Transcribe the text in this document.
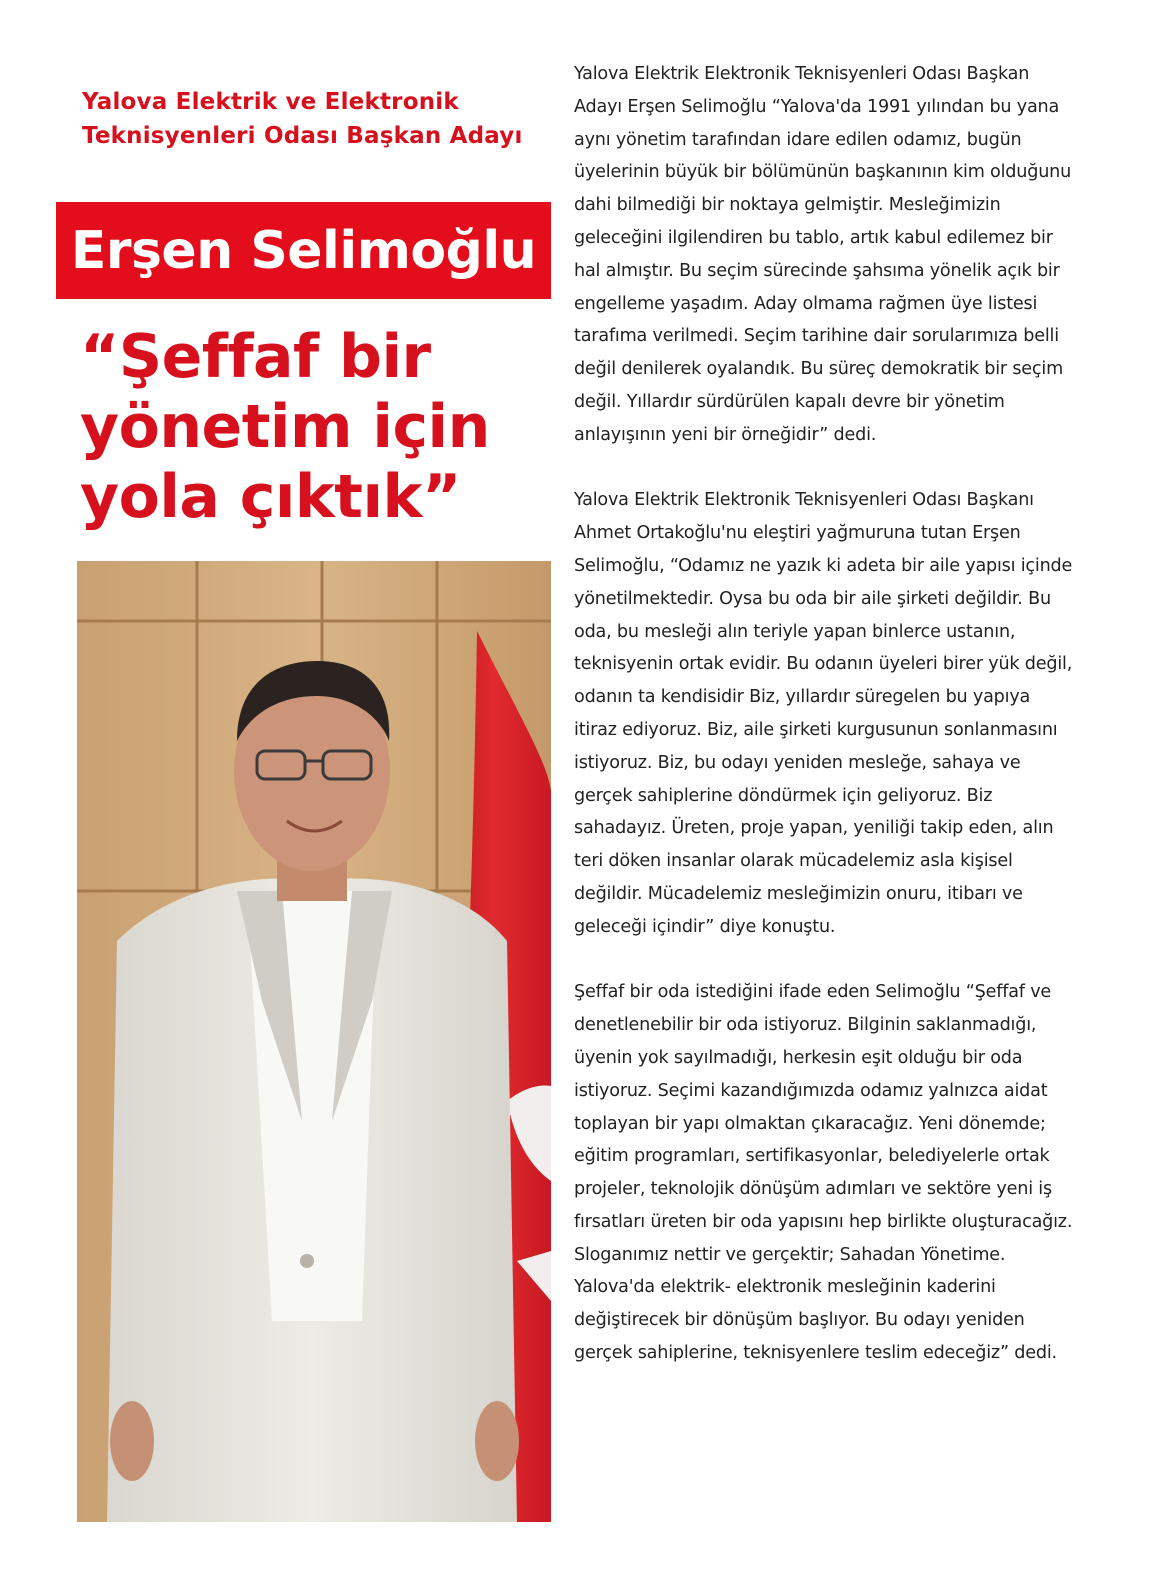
Yalova Elektrik ve Elektronik Teknisyenleri Odası Başkan Adayı
Erşen Selimoğlu
“Şeffaf bir yönetim için yola çıktık”

Yalova Elektrik Elektronik Teknisyenleri Odası Başkan Adayı Erşen Selimoğlu “Yalova'da 1991 yılından bu yana aynı yönetim tarafından idare edilen odamız, bugün üyelerinin büyük bir bölümünün başkanının kim olduğunu dahi bilmediği bir noktaya gelmiştir. Mesleğimizin geleceğini ilgilendiren bu tablo, artık kabul edilemez bir hal almıştır. Bu seçim sürecinde şahsıma yönelik açık bir engelleme yaşadım. Aday olmama rağmen üye listesi tarafıma verilmedi. Seçim tarihine dair sorularımıza belli değil denilerek oyalandık. Bu süreç demokratik bir seçim değil. Yıllardır sürdürülen kapalı devre bir yönetim anlayışının yeni bir örneğidir” dedi.

Yalova Elektrik Elektronik Teknisyenleri Odası Başkanı Ahmet Ortakoğlu'nu eleştiri yağmuruna tutan Erşen Selimoğlu, “Odamız ne yazık ki adeta bir aile yapısı içinde yönetilmektedir. Oysa bu oda bir aile şirketi değildir. Bu oda, bu mesleği alın teriyle yapan binlerce ustanın, teknisyenin ortak evidir. Bu odanın üyeleri birer yük değil, odanın ta kendisidir Biz, yıllardır süregelen bu yapıya itiraz ediyoruz. Biz, aile şirketi kurgusunun sonlanmasını istiyoruz. Biz, bu odayı yeniden mesleğe, sahaya ve gerçek sahiplerine döndürmek için geliyoruz. Biz sahadayız. Üreten, proje yapan, yeniliği takip eden, alın teri döken insanlar olarak mücadelemiz asla kişisel değildir. Mücadelemiz mesleğimizin onuru, itibarı ve geleceği içindir” diye konuştu.

Şeffaf bir oda istediğini ifade eden Selimoğlu “Şeffaf ve denetlenebilir bir oda istiyoruz. Bilginin saklanmadığı, üyenin yok sayılmadığı, herkesin eşit olduğu bir oda istiyoruz. Seçimi kazandığımızda odamız yalnızca aidat toplayan bir yapı olmaktan çıkaracağız. Yeni dönemde; eğitim programları, sertifikasyonlar, belediyelerle ortak projeler, teknolojik dönüşüm adımları ve sektöre yeni iş fırsatları üreten bir oda yapısını hep birlikte oluşturacağız. Sloganımız nettir ve gerçektir; Sahadan Yönetime. Yalova'da elektrik- elektronik mesleğinin kaderini değiştirecek bir dönüşüm başlıyor. Bu odayı yeniden gerçek sahiplerine, teknisyenlere teslim edeceğiz” dedi.
